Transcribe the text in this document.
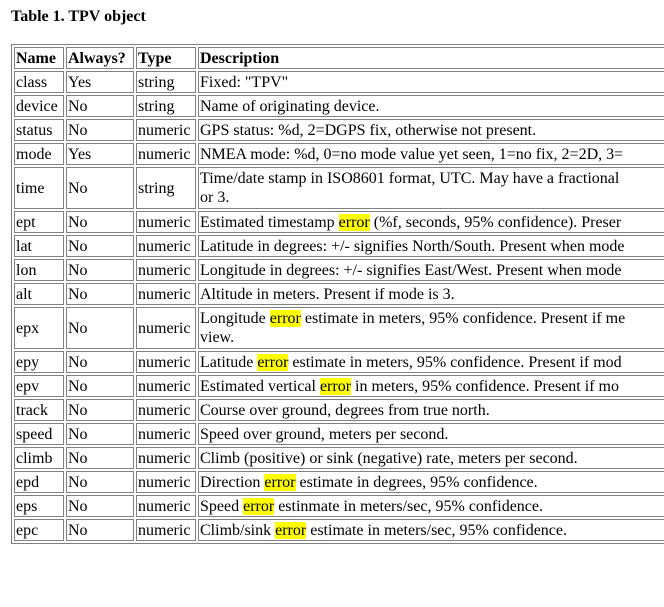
Table 1. TPV object
Name	Always?	Type	Description
class	Yes	string	Fixed: "TPV"
device	No	string	Name of originating device.
status	No	numeric	GPS status: %d, 2=DGPS fix, otherwise not present.
mode	Yes	numeric	NMEA mode: %d, 0=no mode value yet seen, 1=no fix, 2=2D, 3=
time	No	string	Time/date stamp in ISO8601 format, UTC. May have a fractional
or 3.
ept	No	numeric	Estimated timestamp error (%f, seconds, 95% confidence). Preser
lat	No	numeric	Latitude in degrees: +/- signifies North/South. Present when mode
lon	No	numeric	Longitude in degrees: +/- signifies East/West. Present when mode
alt	No	numeric	Altitude in meters. Present if mode is 3.
epx	No	numeric	Longitude error estimate in meters, 95% confidence. Present if me
view.
epy	No	numeric	Latitude error estimate in meters, 95% confidence. Present if mod
epv	No	numeric	Estimated vertical error in meters, 95% confidence. Present if mo
track	No	numeric	Course over ground, degrees from true north.
speed	No	numeric	Speed over ground, meters per second.
climb	No	numeric	Climb (positive) or sink (negative) rate, meters per second.
epd	No	numeric	Direction error estimate in degrees, 95% confidence.
eps	No	numeric	Speed error estinmate in meters/sec, 95% confidence.
epc	No	numeric	Climb/sink error estimate in meters/sec, 95% confidence.
